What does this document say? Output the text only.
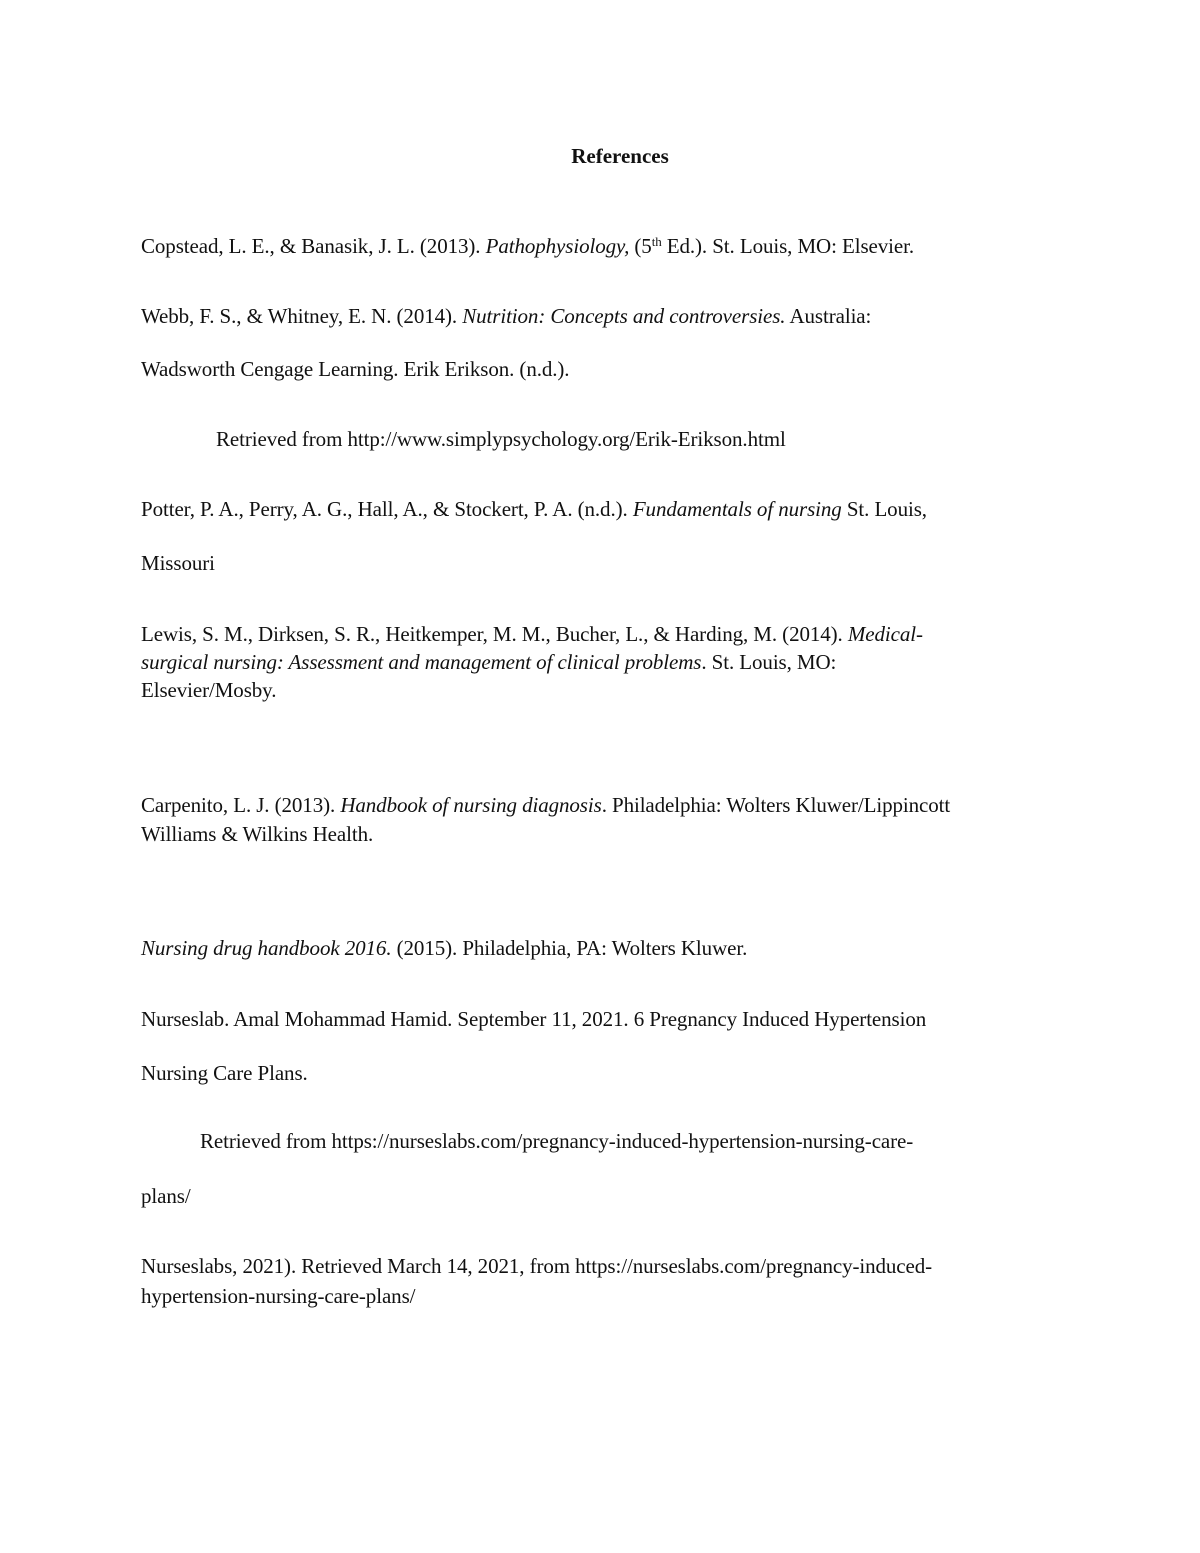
References
Copstead, L. E., & Banasik, J. L. (2013). Pathophysiology, (5th Ed.). St. Louis, MO: Elsevier.
Webb, F. S., & Whitney, E. N. (2014). Nutrition: Concepts and controversies. Australia:
Wadsworth Cengage Learning. Erik Erikson. (n.d.).
Retrieved from http://www.simplypsychology.org/Erik-Erikson.html
Potter, P. A., Perry, A. G., Hall, A., & Stockert, P. A. (n.d.). Fundamentals of nursing St. Louis,
Missouri
Lewis, S. M., Dirksen, S. R., Heitkemper, M. M., Bucher, L., & Harding, M. (2014). Medical-
surgical nursing: Assessment and management of clinical problems. St. Louis, MO:
Elsevier/Mosby.
Carpenito, L. J. (2013). Handbook of nursing diagnosis. Philadelphia: Wolters Kluwer/Lippincott
Williams & Wilkins Health.
Nursing drug handbook 2016. (2015). Philadelphia, PA: Wolters Kluwer.
Nurseslab. Amal Mohammad Hamid. September 11, 2021. 6 Pregnancy Induced Hypertension
Nursing Care Plans.
Retrieved from https://nurseslabs.com/pregnancy-induced-hypertension-nursing-care-
plans/
Nurseslabs, 2021). Retrieved March 14, 2021, from https://nurseslabs.com/pregnancy-induced-
hypertension-nursing-care-plans/
